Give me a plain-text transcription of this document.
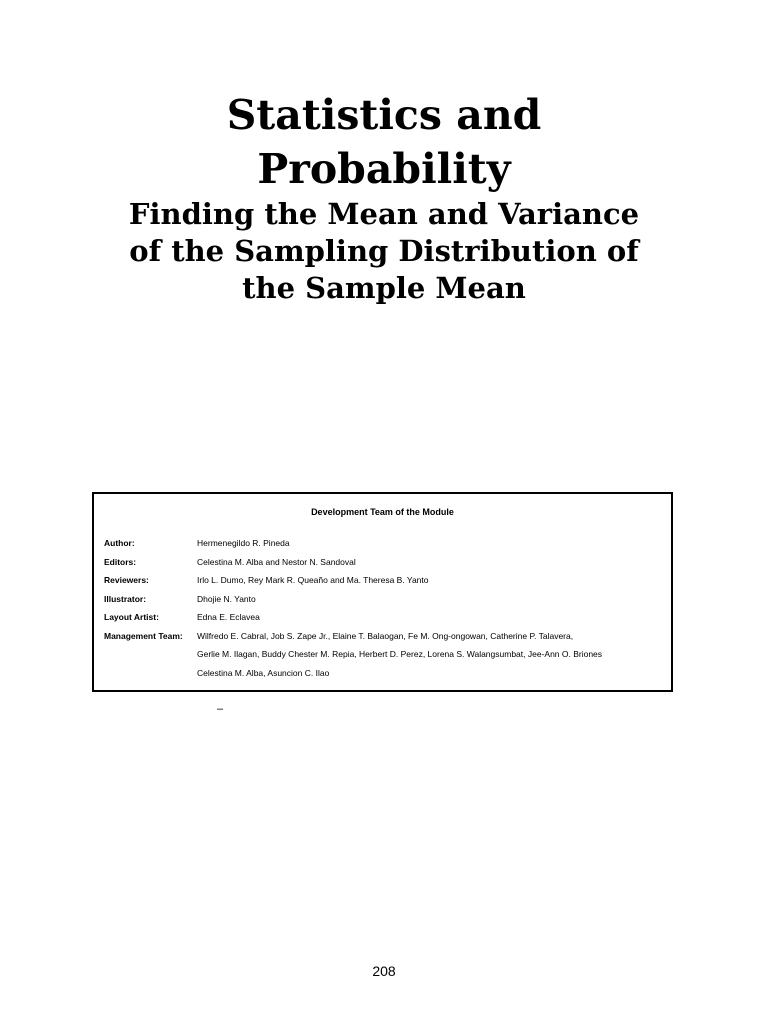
Statistics and

Probability

Finding the Mean and Variance

of the Sampling Distribution of

the Sample Mean

Development Team of the Module
Author:	Hermenegildo R. Pineda
Editors:	Celestina M. Alba and Nestor N. Sandoval
Reviewers:	Irlo L. Dumo, Rey Mark R. Queaño and Ma. Theresa B. Yanto
Illustrator:	Dhojie N. Yanto
Layout Artist:	Edna E. Eclavea
Management Team:	Wilfredo E. Cabral, Job S. Zape Jr., Elaine T. Balaogan, Fe M. Ong-ongowan, Catherine P. Talavera,
Gerlie M. Ilagan, Buddy Chester M. Repia, Herbert D. Perez, Lorena S. Walangsumbat, Jee-Ann O. Briones
Celestina M. Alba, Asuncion C. Ilao
–
208
